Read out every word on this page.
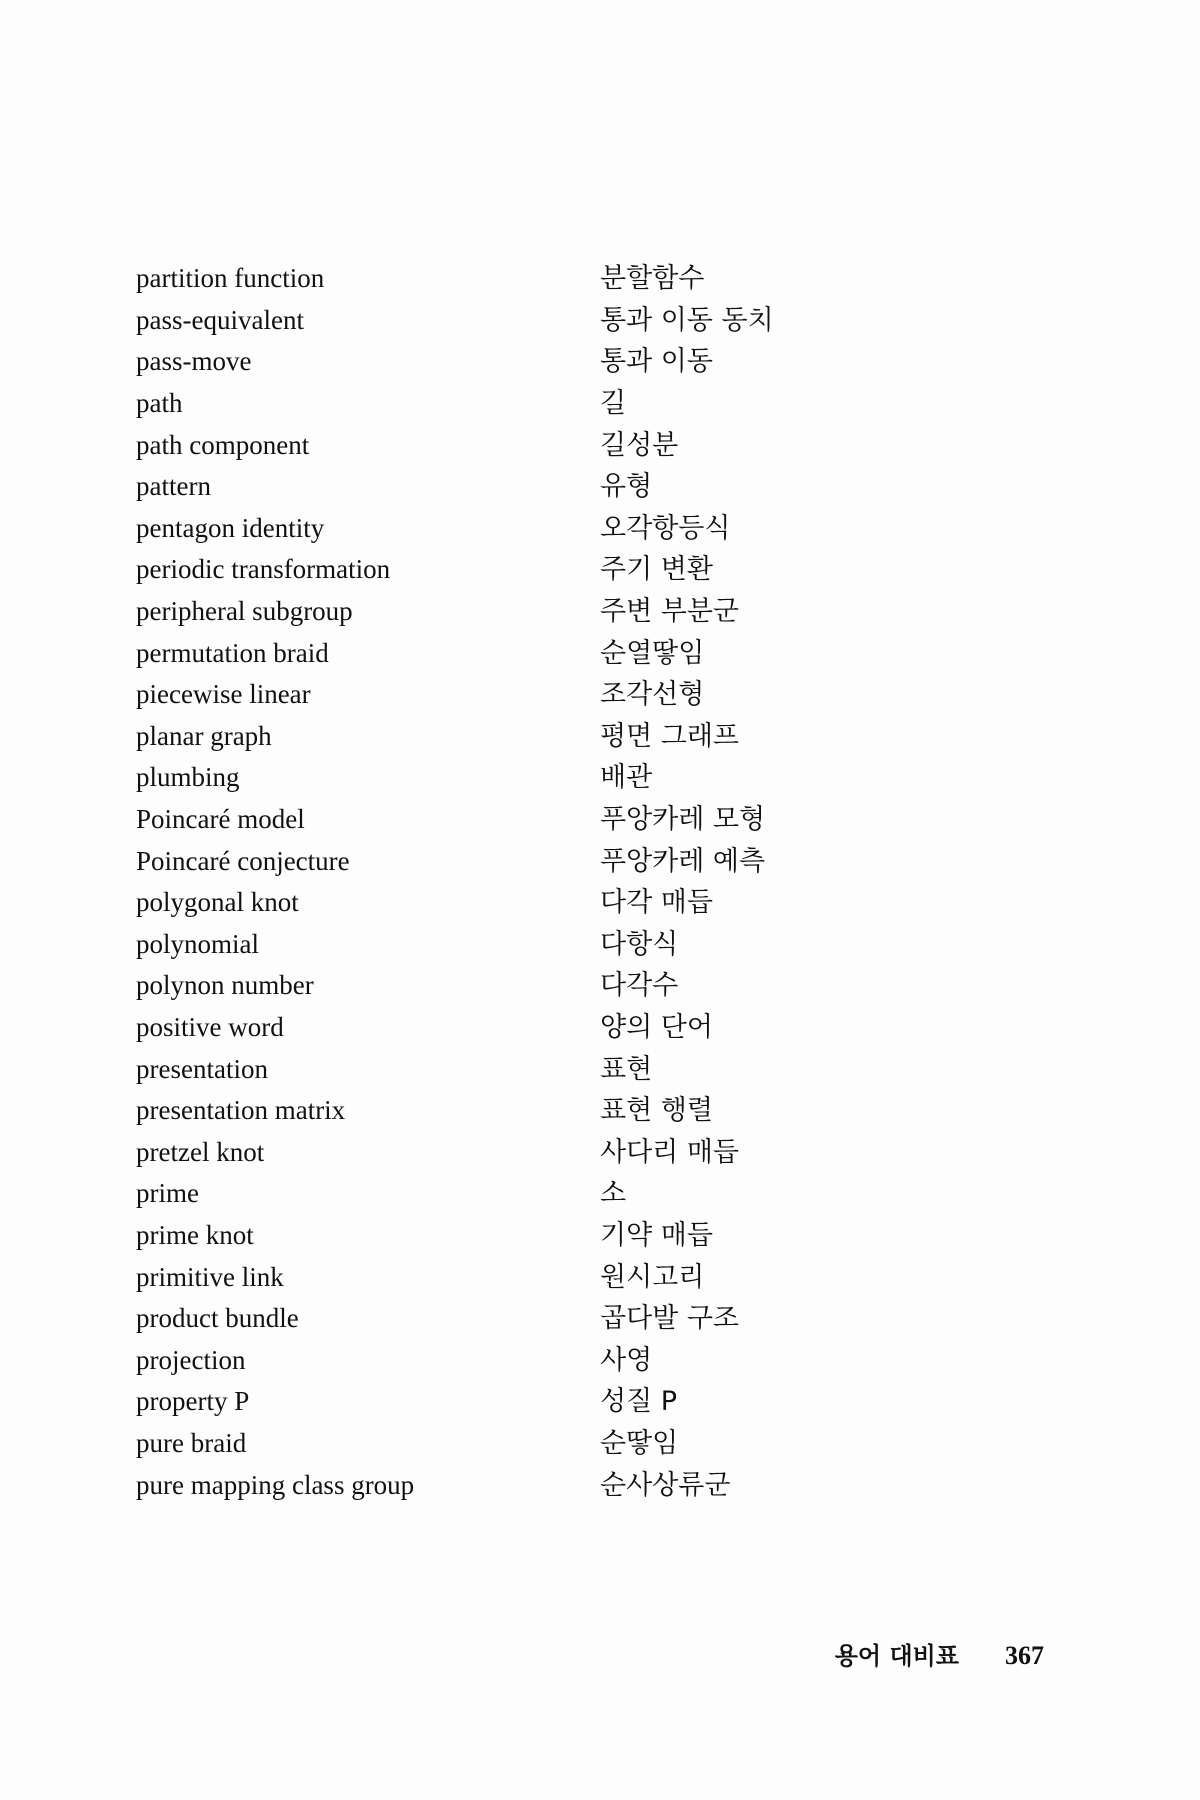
partition function	분할함수
pass-equivalent	통과 이동 동치
pass-move	통과 이동
path	길
path component	길성분
pattern	유형
pentagon identity	오각항등식
periodic transformation	주기 변환
peripheral subgroup	주변 부분군
permutation braid	순열땋임
piecewise linear	조각선형
planar graph	평면 그래프
plumbing	배관
Poincaré model	푸앙카레 모형
Poincaré conjecture	푸앙카레 예측
polygonal knot	다각 매듭
polynomial	다항식
polynon number	다각수
positive word	양의 단어
presentation	표현
presentation matrix	표현 행렬
pretzel knot	사다리 매듭
prime	소
prime knot	기약 매듭
primitive link	원시고리
product bundle	곱다발 구조
projection	사영
property P	성질 P
pure braid	순땋임
pure mapping class group	순사상류군
용어 대비표 367
